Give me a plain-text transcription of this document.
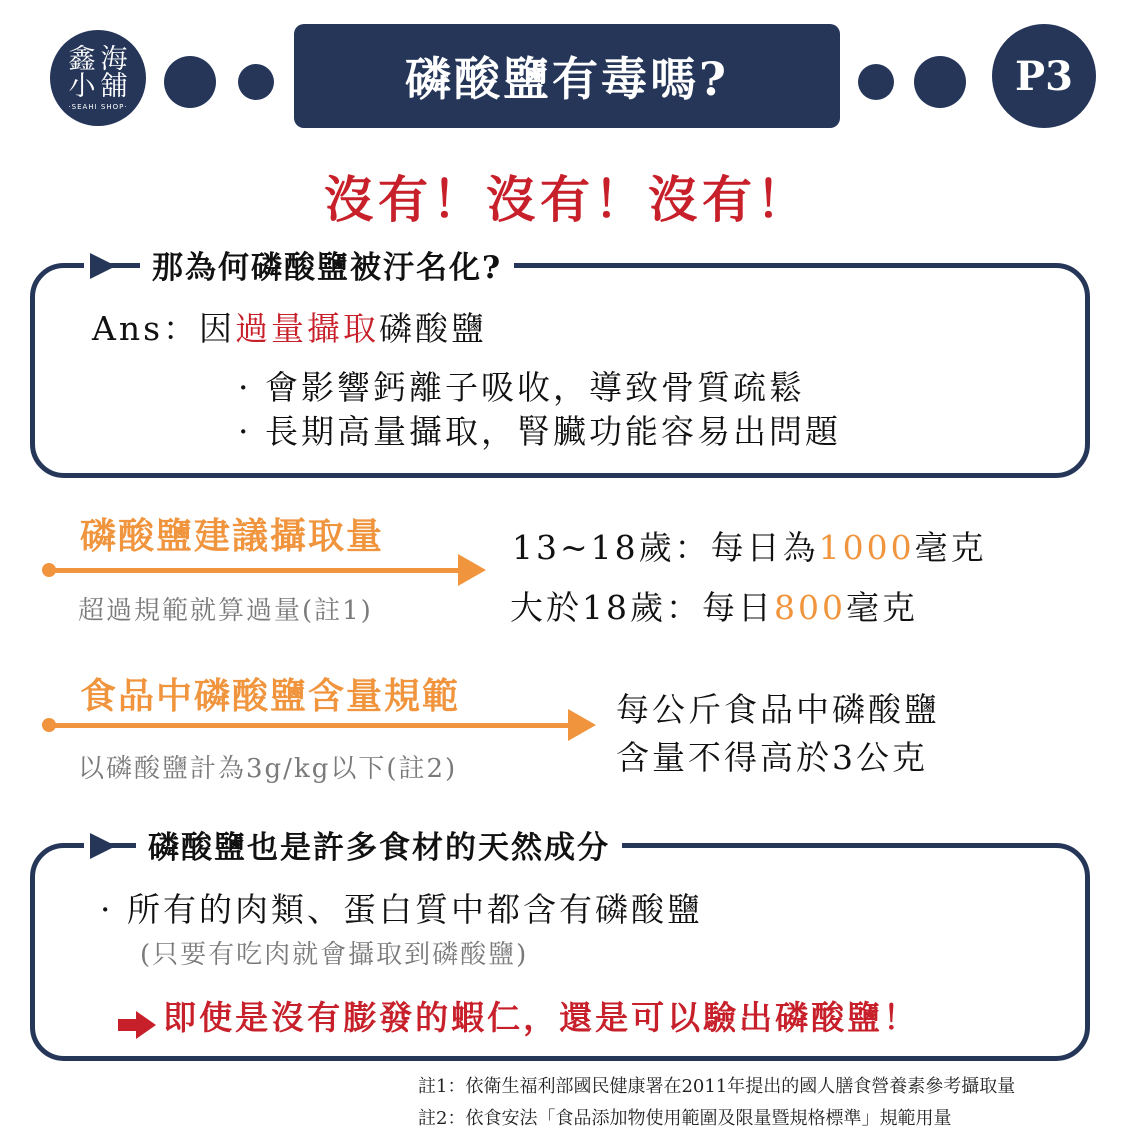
鑫 海
小 舖
·SEAHI SHOP·
磷酸鹽有毒嗎?	P3
沒有！沒有！沒有！
那為何磷酸鹽被汙名化?
Ans：因過量攝取磷酸鹽
· 會影響鈣離子吸收，導致骨質疏鬆
· 長期高量攝取，腎臟功能容易出問題
磷酸鹽建議攝取量
超過規範就算過量(註1)
13~18歲：每日為1000毫克
大於18歲：每日800毫克
食品中磷酸鹽含量規範
以磷酸鹽計為3g/kg以下(註2)
每公斤食品中磷酸鹽
含量不得高於3公克
磷酸鹽也是許多食材的天然成分
· 所有的肉類、蛋白質中都含有磷酸鹽
(只要有吃肉就會攝取到磷酸鹽)
即使是沒有膨發的蝦仁，還是可以驗出磷酸鹽！
註1：依衛生福利部國民健康署在2011年提出的國人膳食營養素參考攝取量
註2：依食安法「食品添加物使用範圍及限量暨規格標準」規範用量
